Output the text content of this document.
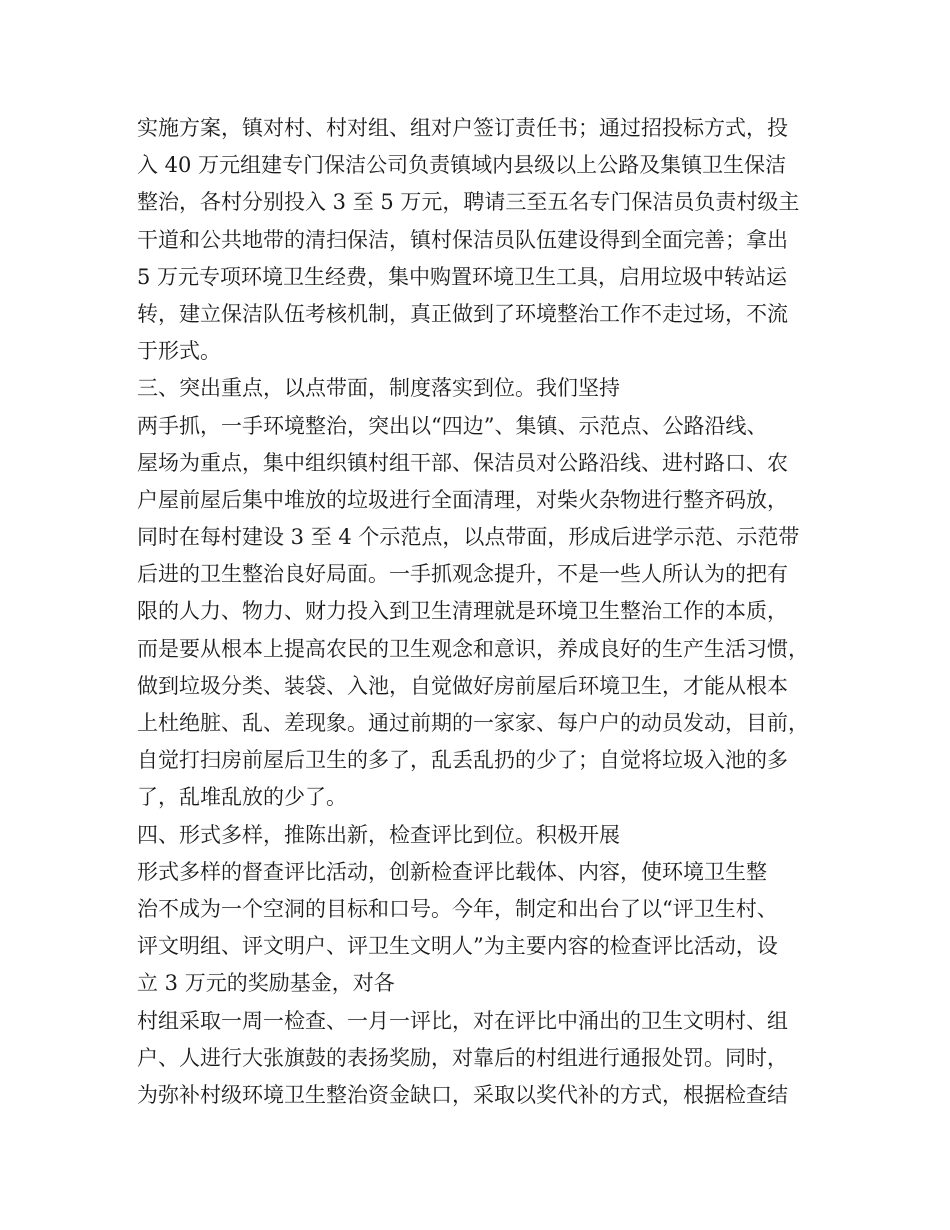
实施方案，镇对村、村对组、组对户签订责任书；通过招投标方式，投
入 40 万元组建专门保洁公司负责镇域内县级以上公路及集镇卫生保洁
整治，各村分别投入 3 至 5 万元，聘请三至五名专门保洁员负责村级主
干道和公共地带的清扫保洁，镇村保洁员队伍建设得到全面完善；拿出
5 万元专项环境卫生经费，集中购置环境卫生工具，启用垃圾中转站运
转，建立保洁队伍考核机制，真正做到了环境整治工作不走过场，不流
于形式。
三、突出重点，以点带面，制度落实到位。我们坚持
两手抓，一手环境整治，突出以“四边”、集镇、示范点、公路沿线、
屋场为重点，集中组织镇村组干部、保洁员对公路沿线、进村路口、农
户屋前屋后集中堆放的垃圾进行全面清理，对柴火杂物进行整齐码放，
同时在每村建设 3 至 4 个示范点，以点带面，形成后进学示范、示范带
后进的卫生整治良好局面。一手抓观念提升，不是一些人所认为的把有
限的人力、物力、财力投入到卫生清理就是环境卫生整治工作的本质，
而是要从根本上提高农民的卫生观念和意识，养成良好的生产生活习惯，
做到垃圾分类、装袋、入池，自觉做好房前屋后环境卫生，才能从根本
上杜绝脏、乱、差现象。通过前期的一家家、每户户的动员发动，目前，
自觉打扫房前屋后卫生的多了，乱丢乱扔的少了；自觉将垃圾入池的多
了，乱堆乱放的少了。
四、形式多样，推陈出新，检查评比到位。积极开展
形式多样的督查评比活动，创新检查评比载体、内容，使环境卫生整
治不成为一个空洞的目标和口号。今年，制定和出台了以“评卫生村、
评文明组、评文明户、评卫生文明人”为主要内容的检查评比活动，设
立 3 万元的奖励基金，对各
村组采取一周一检查、一月一评比，对在评比中涌出的卫生文明村、组
户、人进行大张旗鼓的表扬奖励，对靠后的村组进行通报处罚。同时，
为弥补村级环境卫生整治资金缺口，采取以奖代补的方式，根据检查结
